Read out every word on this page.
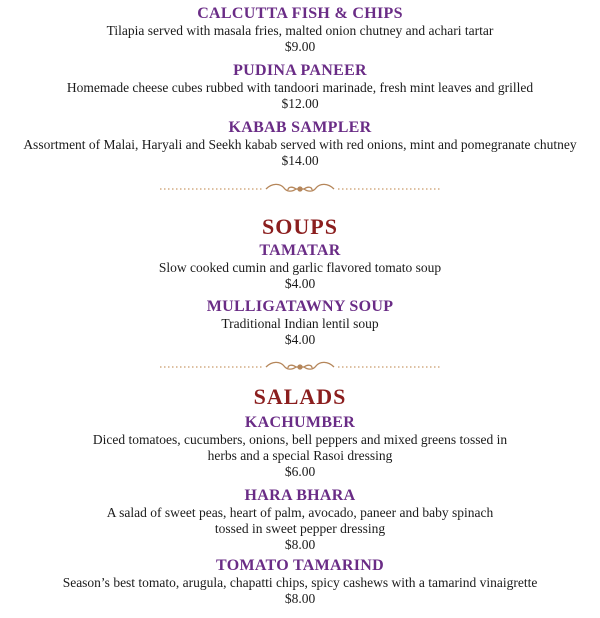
CALCUTTA FISH & CHIPS
Tilapia served with masala fries, malted onion chutney and achari tartar
$9.00
PUDINA PANEER
Homemade cheese cubes rubbed with tandoori marinade, fresh mint leaves and grilled
$12.00
KABAB SAMPLER
Assortment of Malai, Haryali and Seekh kabab served with red onions, mint and pomegranate chutney
$14.00
SOUPS
TAMATAR
Slow cooked cumin and garlic flavored tomato soup
$4.00
MULLIGATAWNY SOUP
Traditional Indian lentil soup
$4.00
SALADS
KACHUMBER
Diced tomatoes, cucumbers, onions, bell peppers and mixed greens tossed in
herbs and a special Rasoi dressing
$6.00
HARA BHARA
A salad of sweet peas, heart of palm, avocado, paneer and baby spinach
tossed in sweet pepper dressing
$8.00
TOMATO TAMARIND
Season’s best tomato, arugula, chapatti chips, spicy cashews with a tamarind vinaigrette
$8.00
